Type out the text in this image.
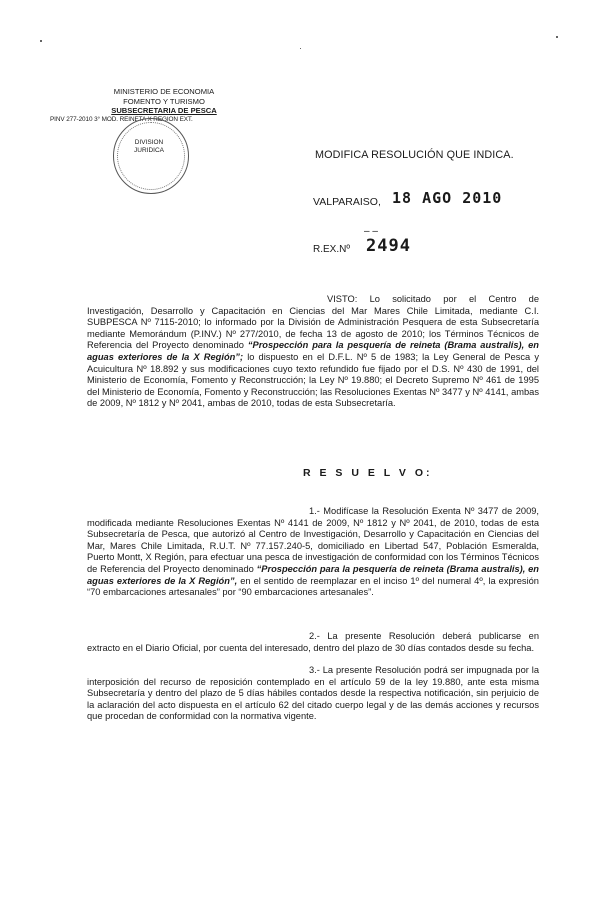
MINISTERIO DE ECONOMIA
FOMENTO Y TURISMO
SUBSECRETARIA DE PESCA
PINV 277-2010 3° MOD. REINETA X REGION EXT.
DIVISION
JURIDICA	MODIFICA RESOLUCIÓN QUE INDICA.
VALPARAISO, 18 AGO 2010
‒ ‒
R.EX.Nº 2494
VISTO: Lo solicitado por el Centro de Investigación, Desarrollo y Capacitación en Ciencias del Mar Mares Chile Limitada, mediante C.I. SUBPESCA Nº 7115-2010; lo informado por la División de Administración Pesquera de esta Subsecretaría mediante Memorándum (P.INV.) Nº 277/2010, de fecha 13 de agosto de 2010; los Términos Técnicos de Referencia del Proyecto denominado “Prospección para la pesquería de reineta (Brama australis), en aguas exteriores de la X Región”; lo dispuesto en el D.F.L. Nº 5 de 1983; la Ley General de Pesca y Acuicultura Nº 18.892 y sus modificaciones cuyo texto refundido fue fijado por el D.S. Nº 430 de 1991, del Ministerio de Economía, Fomento y Reconstrucción; la Ley Nº 19.880; el Decreto Supremo Nº 461 de 1995 del Ministerio de Economía, Fomento y Reconstrucción; las Resoluciones Exentas Nº 3477 y Nº 4141, ambas de 2009, Nº 1812 y Nº 2041, ambas de 2010, todas de esta Subsecretaría.
R E S U E L V O:
1.- Modifícase la Resolución Exenta Nº 3477 de 2009, modificada mediante Resoluciones Exentas Nº 4141 de 2009, Nº 1812 y Nº 2041, de 2010, todas de esta Subsecretaría de Pesca, que autorizó al Centro de Investigación, Desarrollo y Capacitación en Ciencias del Mar, Mares Chile Limitada, R.U.T. Nº 77.157.240-5, domiciliado en Libertad 547, Población Esmeralda, Puerto Montt, X Región, para efectuar una pesca de investigación de conformidad con los Términos Técnicos de Referencia del Proyecto denominado “Prospección para la pesquería de reineta (Brama australis), en aguas exteriores de la X Región”, en el sentido de reemplazar en el inciso 1º del numeral 4º, la expresión “70 embarcaciones artesanales” por “90 embarcaciones artesanales”.
2.- La presente Resolución deberá publicarse en extracto en el Diario Oficial, por cuenta del interesado, dentro del plazo de 30 días contados desde su fecha.
3.- La presente Resolución podrá ser impugnada por la interposición del recurso de reposición contemplado en el artículo 59 de la ley 19.880, ante esta misma Subsecretaría y dentro del plazo de 5 días hábiles contados desde la respectiva notificación, sin perjuicio de la aclaración del acto dispuesta en el artículo 62 del citado cuerpo legal y de las demás acciones y recursos que procedan de conformidad con la normativa vigente.
